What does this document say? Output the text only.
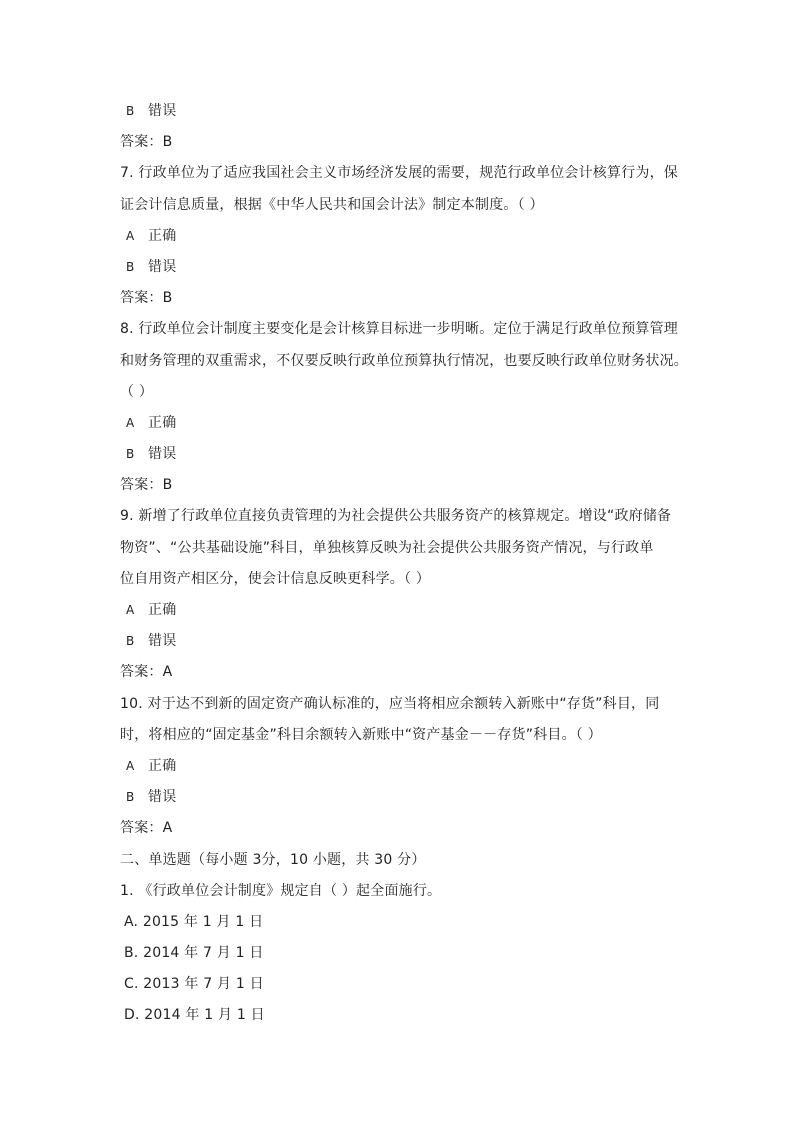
B 错误
答案：B
7. 行政单位为了适应我国社会主义市场经济发展的需要，规范行政单位会计核算行为，保
证会计信息质量，根据《中华人民共和国会计法》制定本制度。（ ）
A 正确
B 错误
答案：B
8. 行政单位会计制度主要变化是会计核算目标进一步明晰。定位于满足行政单位预算管理
和财务管理的双重需求，不仅要反映行政单位预算执行情况，也要反映行政单位财务状况。
（ ）
A 正确
B 错误
答案：B
9. 新增了行政单位直接负责管理的为社会提供公共服务资产的核算规定。增设“政府储备
物资”、“公共基础设施”科目，单独核算反映为社会提供公共服务资产情况，与行政单
位自用资产相区分，使会计信息反映更科学。（ ）
A 正确
B 错误
答案：A
10. 对于达不到新的固定资产确认标准的，应当将相应余额转入新账中“存货”科目，同
时，将相应的“固定基金”科目余额转入新账中“资产基金－－存货”科目。（ ）
A 正确
B 错误
答案：A
二、单选题（每小题 3分，10 小题，共 30 分）
1. 《行政单位会计制度》规定自（ ）起全面施行。
A. 2015 年 1 月 1 日
B. 2014 年 7 月 1 日
C. 2013 年 7 月 1 日
D. 2014 年 1 月 1 日
